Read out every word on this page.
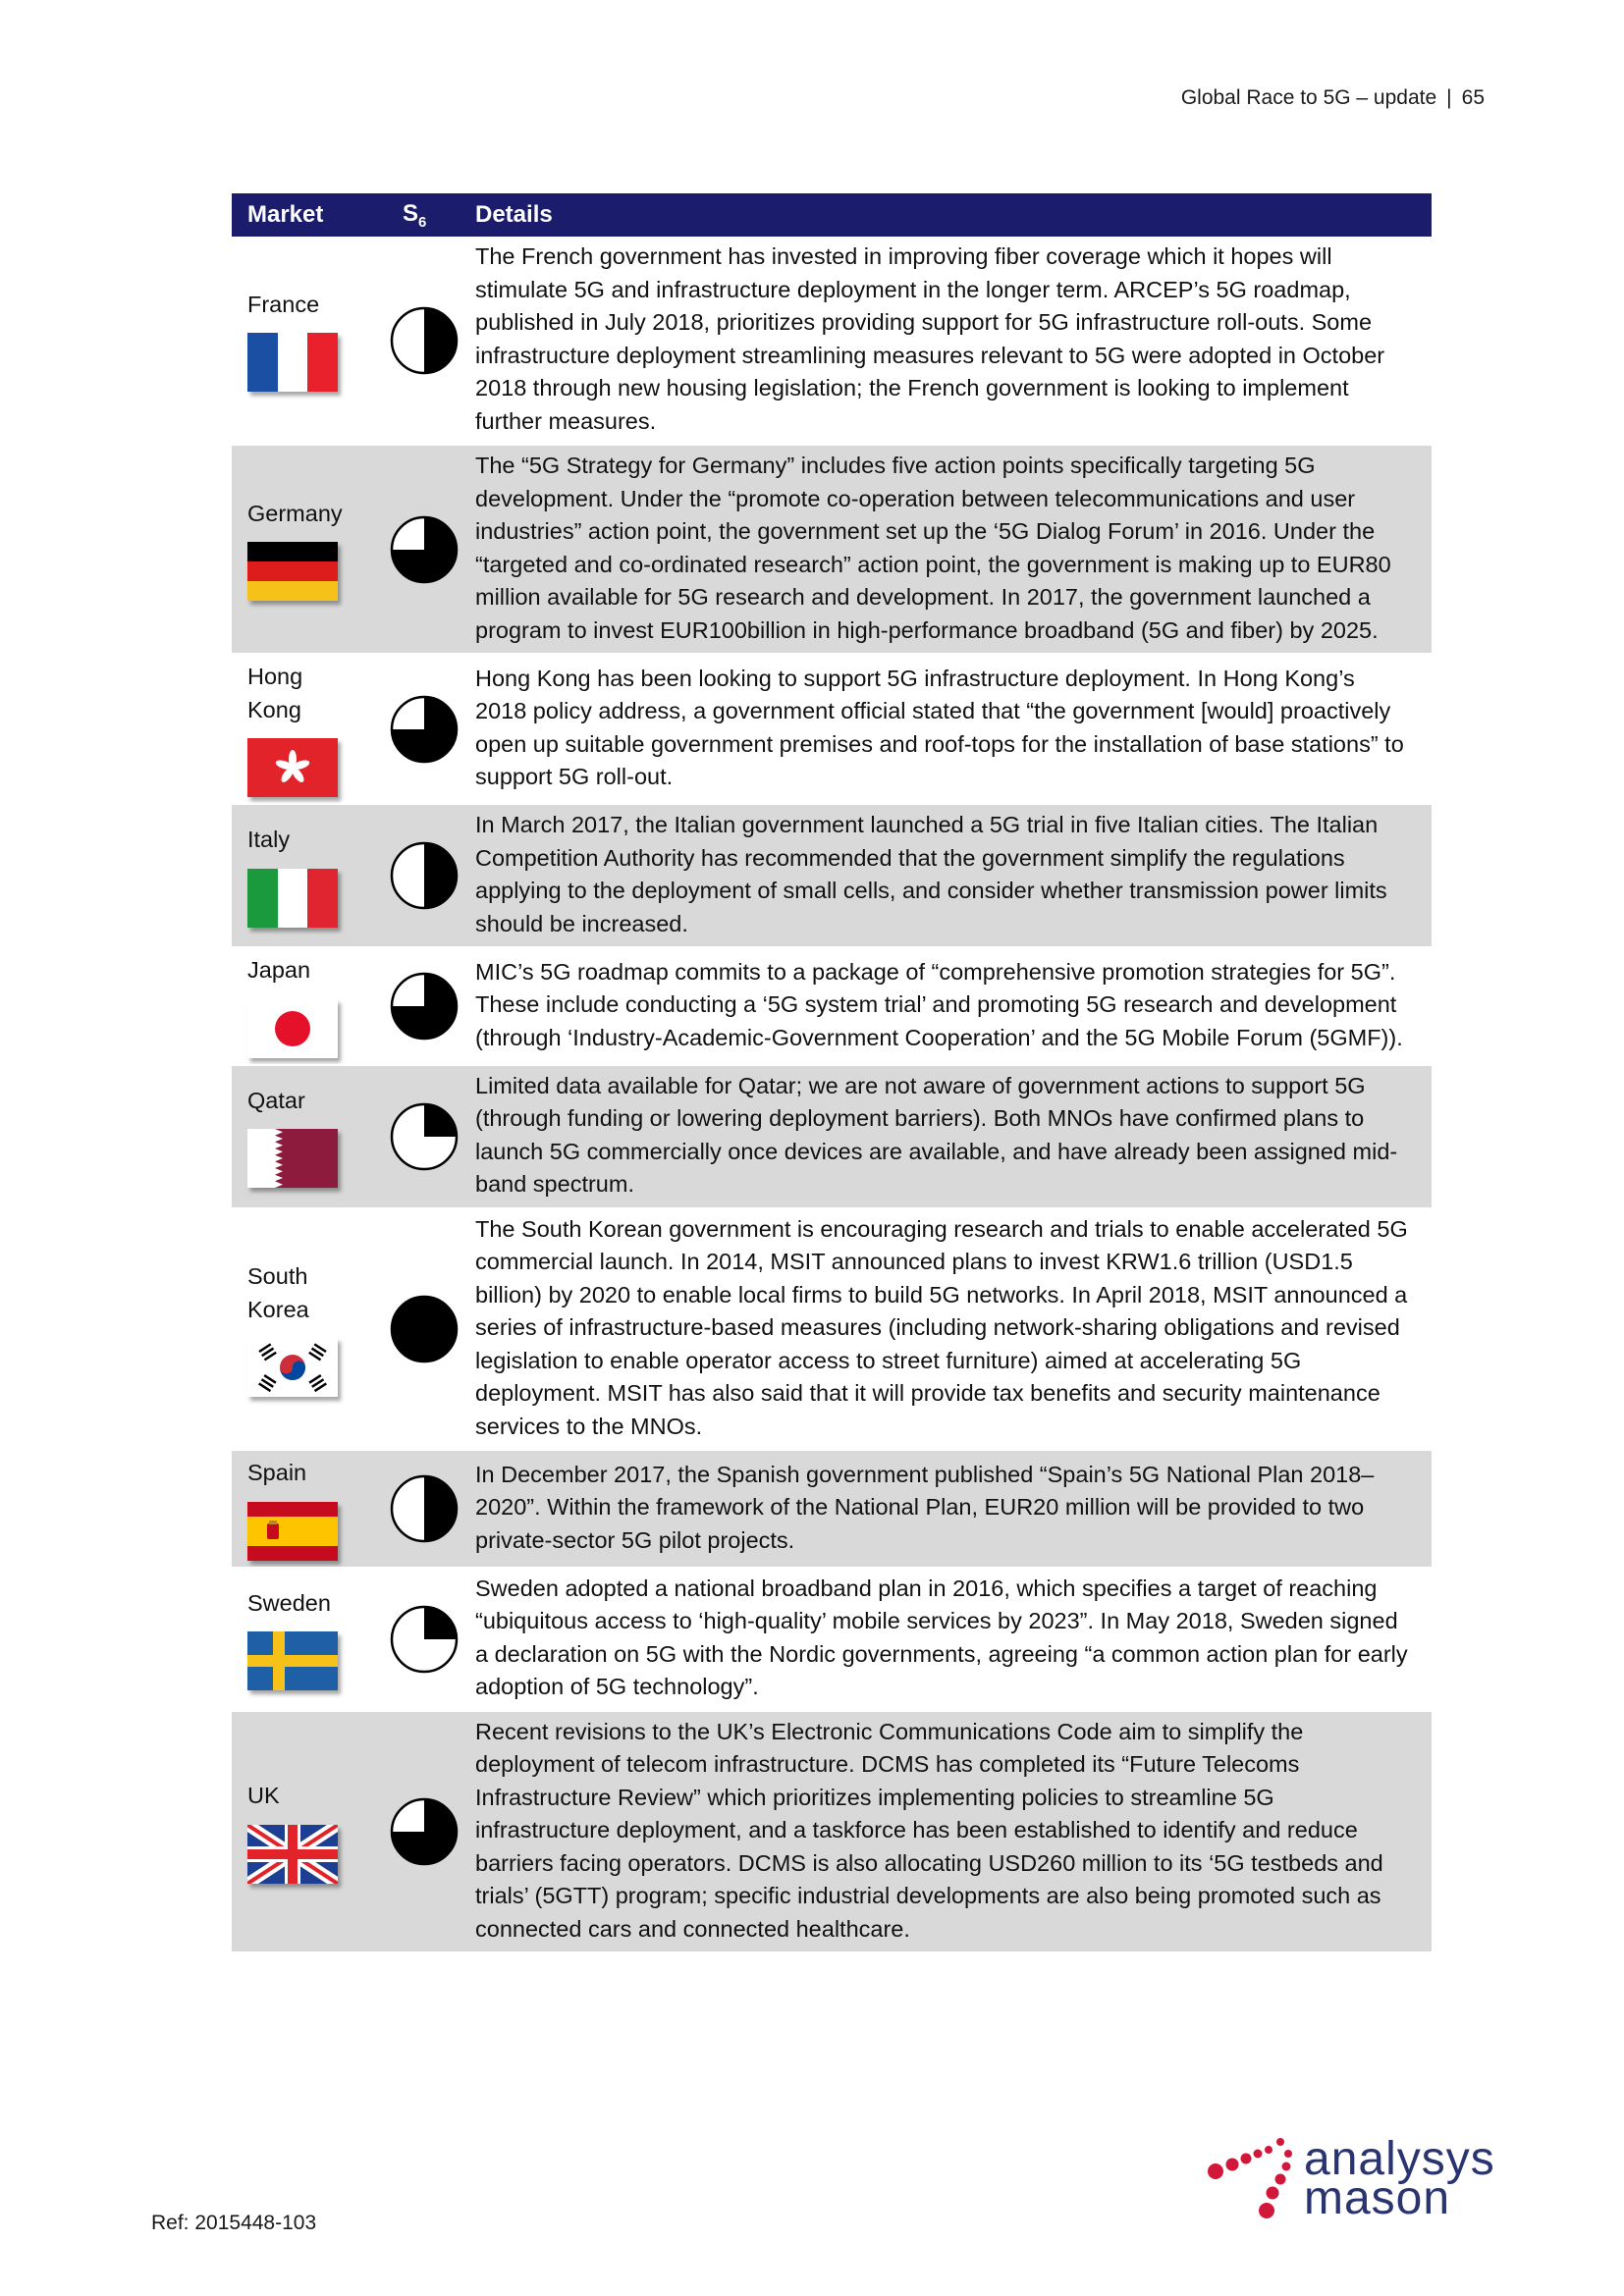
Global Race to 5G – update | 65
Market	$S_6$	Details

France		The French government has invested in improving fiber coverage which it hopes will stimulate 5G and infrastructure deployment in the longer term. ARCEP’s 5G roadmap, published in July 2018, prioritizes providing support for 5G infrastructure roll-outs. Some infrastructure deployment streamlining measures relevant to 5G were adopted in October 2018 through new housing legislation; the French government is looking to implement further measures.

Germany		The “5G Strategy for Germany” includes five action points specifically targeting 5G development. Under the “promote co-operation between telecommunications and user industries” action point, the government set up the ‘5G Dialog Forum’ in 2016. Under the “targeted and co-ordinated research” action point, the government is making up to EUR80 million available for 5G research and development. In 2017, the government launched a program to invest EUR100billion in high-performance broadband (5G and fiber) by 2025.

Hong
Kong		Hong Kong has been looking to support 5G infrastructure deployment. In Hong Kong’s 2018 policy address, a government official stated that “the government [would] proactively open up suitable government premises and roof-tops for the installation of base stations” to support 5G roll-out.

Italy		In March 2017, the Italian government launched a 5G trial in five Italian cities. The Italian Competition Authority has recommended that the government simplify the regulations applying to the deployment of small cells, and consider whether transmission power limits should be increased.

Japan		MIC’s 5G roadmap commits to a package of “comprehensive promotion strategies for 5G”. These include conducting a ‘5G system trial’ and promoting 5G research and development (through ‘Industry-Academic-Government Cooperation’ and the 5G Mobile Forum (5GMF)).

Qatar		Limited data available for Qatar; we are not aware of government actions to support 5G (through funding or lowering deployment barriers). Both MNOs have confirmed plans to launch 5G commercially once devices are available, and have already been assigned mid-band spectrum.

South
Korea		The South Korean government is encouraging research and trials to enable accelerated 5G commercial launch. In 2014, MSIT announced plans to invest KRW1.6 trillion (USD1.5 billion) by 2020 to enable local firms to build 5G networks. In April 2018, MSIT announced a series of infrastructure-based measures (including network-sharing obligations and revised legislation to enable operator access to street furniture) aimed at accelerating 5G deployment. MSIT has also said that it will provide tax benefits and security maintenance services to the MNOs.

Spain		In December 2017, the Spanish government published “Spain’s 5G National Plan 2018–2020”. Within the framework of the National Plan, EUR20 million will be provided to two private-sector 5G pilot projects.

Sweden		Sweden adopted a national broadband plan in 2016, which specifies a target of reaching “ubiquitous access to ‘high-quality’ mobile services by 2023”. In May 2018, Sweden signed a declaration on 5G with the Nordic governments, agreeing “a common action plan for early adoption of 5G technology”.

UK		Recent revisions to the UK’s Electronic Communications Code aim to simplify the deployment of telecom infrastructure. DCMS has completed its “Future Telecoms Infrastructure Review” which prioritizes implementing policies to streamline 5G infrastructure deployment, and a taskforce has been established to identify and reduce barriers facing operators. DCMS is also allocating USD260 million to its ‘5G testbeds and trials’ (5GTT) program; specific industrial developments are also being promoted such as connected cars and connected healthcare.
Ref: 2015448-103
analysys
mason
